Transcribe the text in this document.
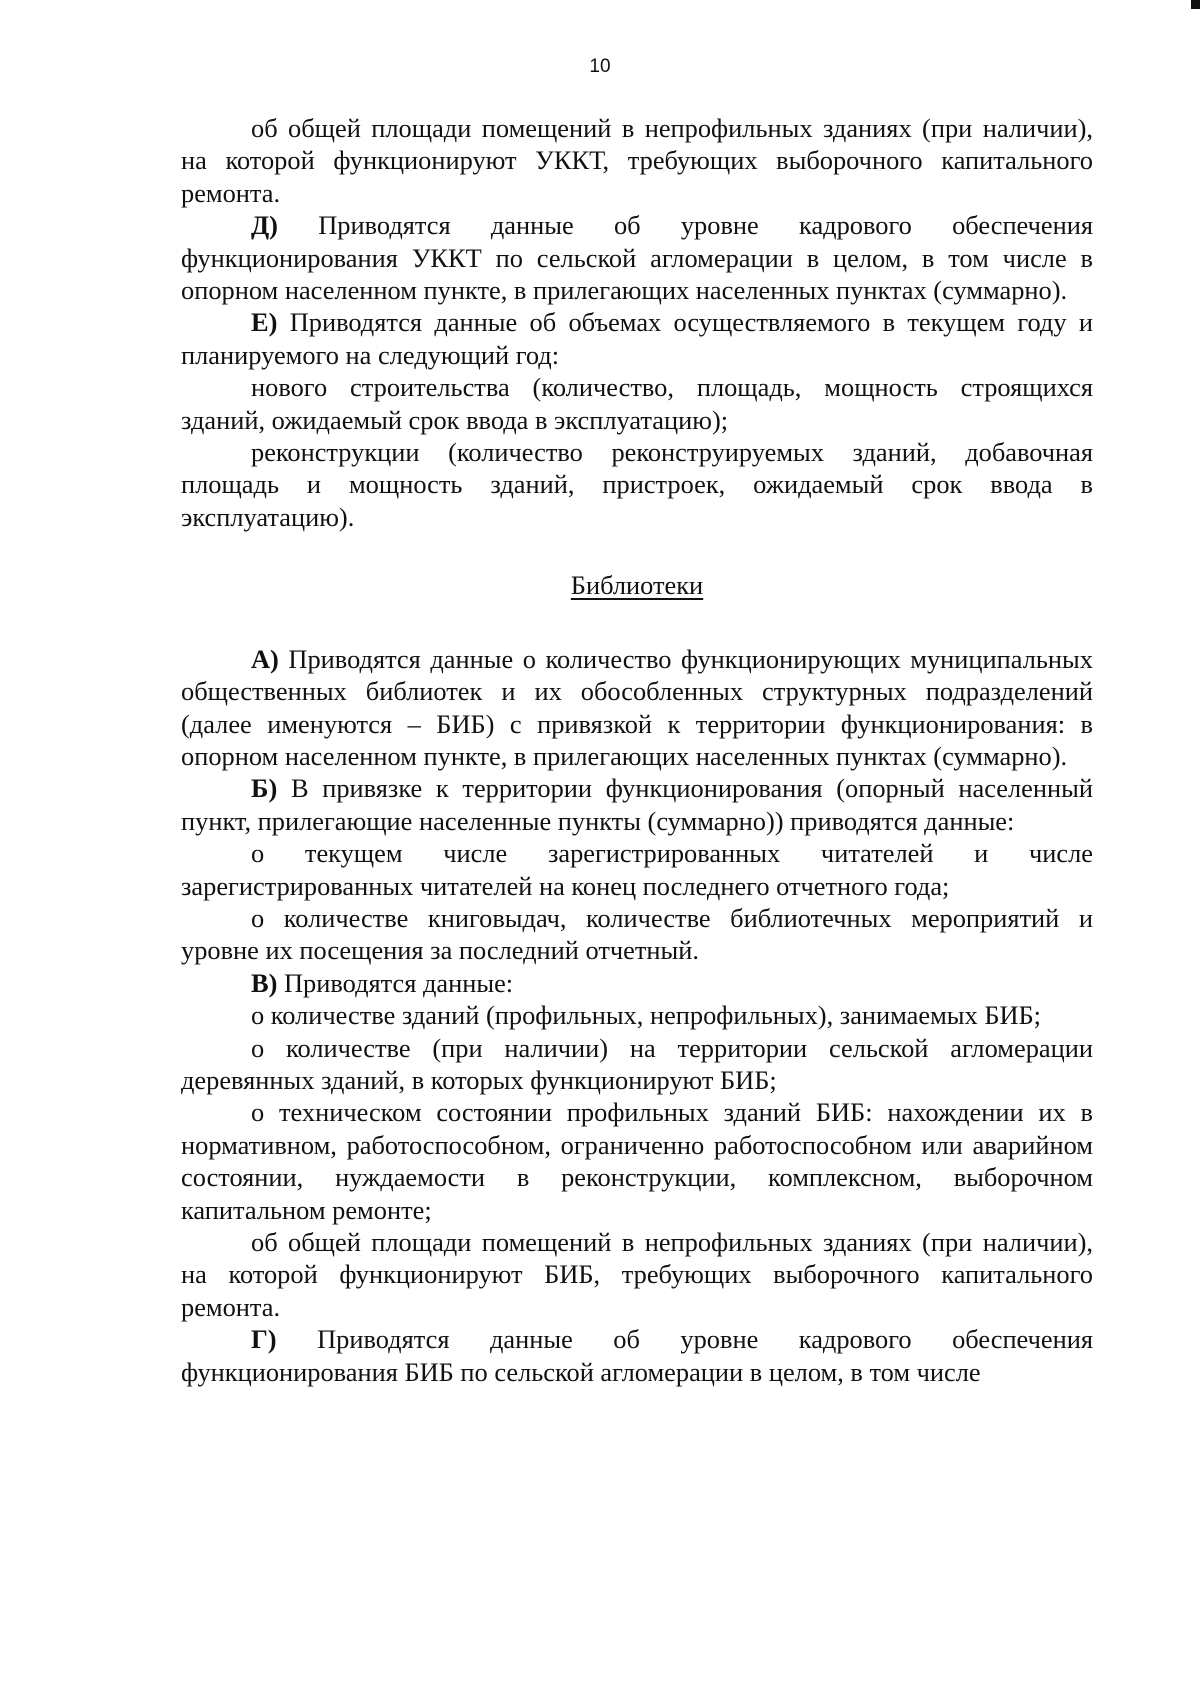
10

об общей площади помещений в непрофильных зданиях (при наличии), на которой функционируют УККТ, требующих выборочного капитального ремонта.

Д) Приводятся данные об уровне кадрового обеспечения функционирования УККТ по сельской агломерации в целом, в том числе в опорном населенном пункте, в прилегающих населенных пунктах (суммарно).

Е) Приводятся данные об объемах осуществляемого в текущем году и планируемого на следующий год:

нового строительства (количество, площадь, мощность строящихся зданий, ожидаемый срок ввода в эксплуатацию);

реконструкции (количество реконструируемых зданий, добавочная площадь и мощность зданий, пристроек, ожидаемый срок ввода в эксплуатацию).

Библиотеки

А) Приводятся данные о количество функционирующих муниципальных общественных библиотек и их обособленных структурных подразделений (далее именуются – БИБ) с привязкой к территории функционирования: в опорном населенном пункте, в прилегающих населенных пунктах (суммарно).

Б) В привязке к территории функционирования (опорный населенный пункт, прилегающие населенные пункты (суммарно)) приводятся данные:

о текущем числе зарегистрированных читателей и числе зарегистрированных читателей на конец последнего отчетного года;

о количестве книговыдач, количестве библиотечных мероприятий и уровне их посещения за последний отчетный.

В) Приводятся данные:

о количестве зданий (профильных, непрофильных), занимаемых БИБ;

о количестве (при наличии) на территории сельской агломерации деревянных зданий, в которых функционируют БИБ;

о техническом состоянии профильных зданий БИБ: нахождении их в нормативном, работоспособном, ограниченно работоспособном или аварийном состоянии, нуждаемости в реконструкции, комплексном, выборочном капитальном ремонте;

об общей площади помещений в непрофильных зданиях (при наличии), на которой функционируют БИБ, требующих выборочного капитального ремонта.

Г) Приводятся данные об уровне кадрового обеспечения функционирования БИБ по сельской агломерации в целом, в том числе
